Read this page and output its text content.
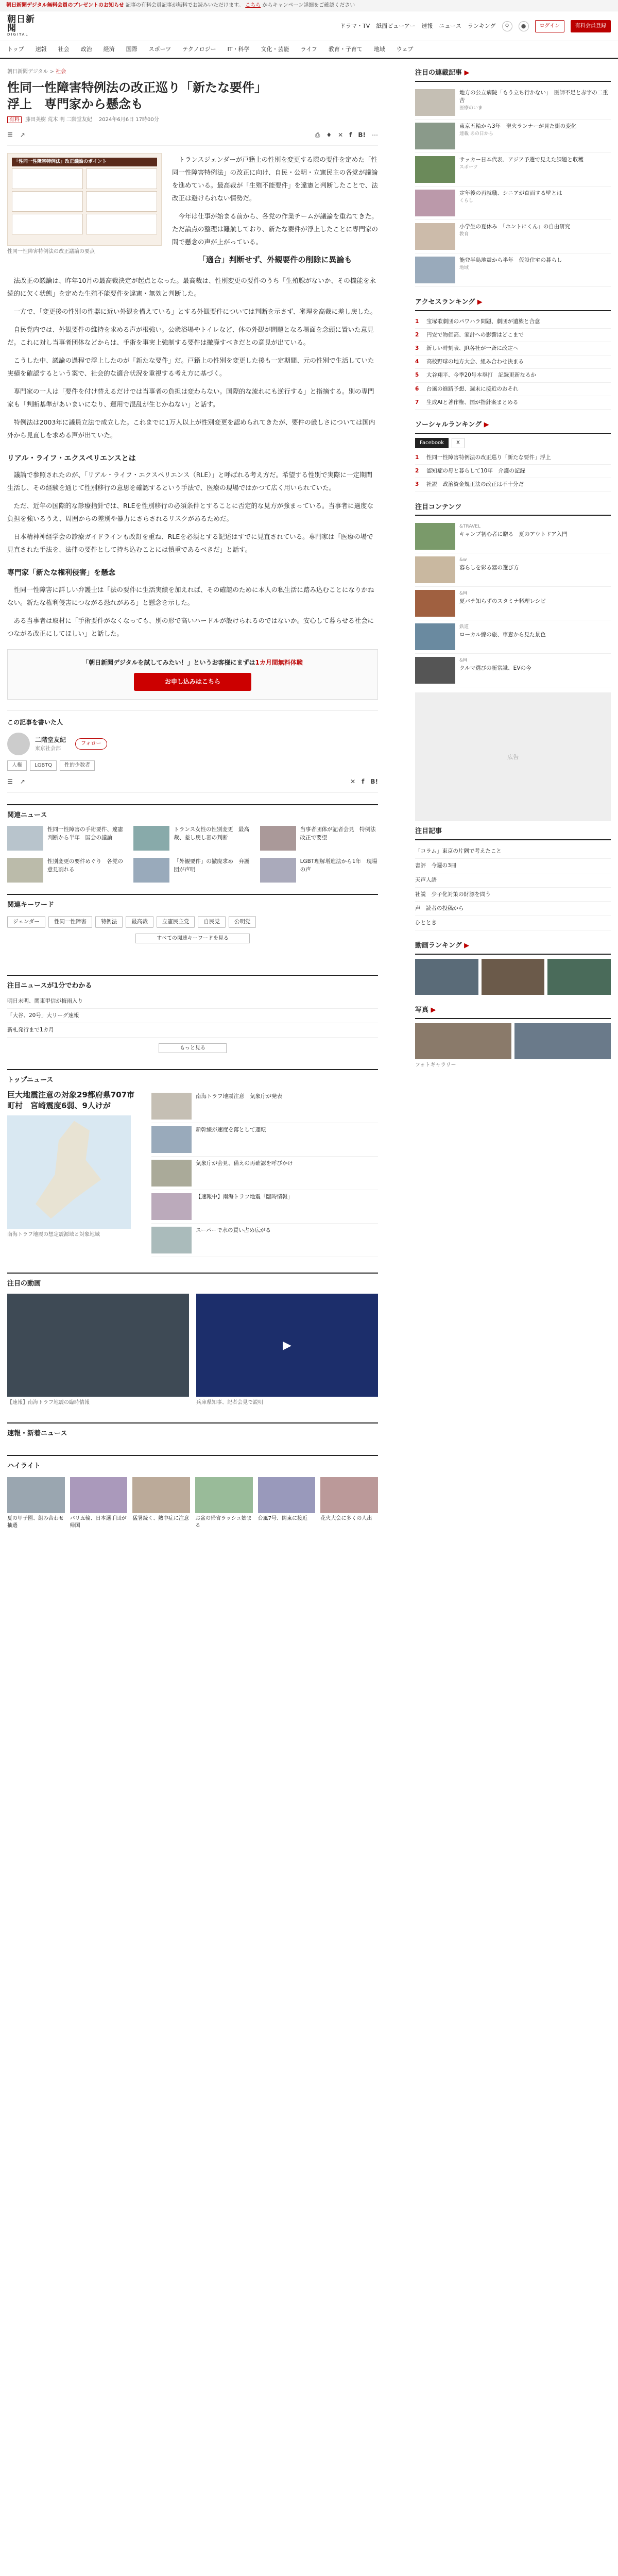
朝日新聞デジタル無料会員のプレゼントのお知らせ 記事の有料会員記事が無料でお読みいただけます。 こちら からキャンペーン詳細をご確認ください
朝日新聞
DIGITAL
ドラマ・TV 紙面ビューアー 速報 ニュース ランキング	⚲	●	ログイン	有料会員登録
トップ	速報	社会	政治	経済	国際	スポーツ	テクノロジー	IT・科学	文化・芸能	ライフ	教育・子育て	地域	ウェブ
朝日新聞デジタル > 社会
性同一性障害特例法の改正巡り「新たな要件」浮上　専門家から懸念も
有料 藤田美樹 荒木 明 二階堂友紀　 2024年6月6日 17時00分
☰ ↗	⎙ ♦ ✕ f B! ⋯
「性同一性障害特例法」改正議論のポイント
性同一性障害特例法の改正議論の要点

トランスジェンダーが戸籍上の性別を変更する際の要件を定めた「性同一性障害特例法」の改正に向け、自民・公明・立憲民主の各党が議論を進めている。最高裁が「生殖不能要件」を違憲と判断したことで、法改正は避けられない情勢だ。

今年は仕事が始まる前から、各党の作業チームが議論を重ねてきた。ただ論点の整理は難航しており、新たな要件が浮上したことに専門家の間で懸念の声が上がっている。

「適合」判断せず、外観要件の削除に異論も

法改正の議論は、昨年10月の最高裁決定が起点となった。最高裁は、性別変更の要件のうち「生殖腺がないか、その機能を永続的に欠く状態」を定めた生殖不能要件を違憲・無効と判断した。

一方で、「変更後の性別の性器に近い外観を備えている」とする外観要件については判断を示さず、審理を高裁に差し戻した。

自民党内では、外観要件の維持を求める声が根強い。公衆浴場やトイレなど、体の外観が問題となる場面を念頭に置いた意見だ。これに対し当事者団体などからは、手術を事実上強制する要件は撤廃すべきだとの意見が出ている。

こうした中、議論の過程で浮上したのが「新たな要件」だ。戸籍上の性別を変更した後も一定期間、元の性別で生活していた実績を確認するという案で、社会的な適合状況を重視する考え方に基づく。

専門家の一人は「要件を付け替えるだけでは当事者の負担は変わらない。国際的な流れにも逆行する」と指摘する。別の専門家も「判断基準があいまいになり、運用で混乱が生じかねない」と話す。

特例法は2003年に議員立法で成立した。これまでに1万人以上が性別変更を認められてきたが、要件の厳しさについては国内外から見直しを求める声が出ていた。

リアル・ライフ・エクスペリエンスとは

議論で参照されたのが、「リアル・ライフ・エクスペリエンス（RLE）」と呼ばれる考え方だ。希望する性別で実際に一定期間生活し、その経験を通じて性別移行の意思を確認するという手法で、医療の現場ではかつて広く用いられていた。

ただ、近年の国際的な診療指針では、RLEを性別移行の必須条件とすることに否定的な見方が強まっている。当事者に過度な負担を強いるうえ、周囲からの差別や暴力にさらされるリスクがあるためだ。

日本精神神経学会の診療ガイドラインも改訂を重ね、RLEを必須とする記述はすでに見直されている。専門家は「医療の場で見直された手法を、法律の要件として持ち込むことには慎重であるべきだ」と話す。

専門家「新たな権利侵害」を懸念

性同一性障害に詳しい弁護士は「法の要件に生活実績を加えれば、その確認のために本人の私生活に踏み込むことになりかねない。新たな権利侵害につながる恐れがある」と懸念を示した。

ある当事者は取材に「手術要件がなくなっても、別の形で高いハードルが設けられるのではないか。安心して暮らせる社会につながる改正にしてほしい」と話した。

「朝日新聞デジタルを試してみたい！」というお客様にまずは1カ月間無料体験
お申し込みはこちら
この記事を書いた人
二階堂友紀
東京社会部
フォロー
人権	LGBTQ	性的少数者
☰ ↗	✕ f B!
関連ニュース
性同一性障害の手術要件、違憲判断から半年　国会の議論
トランス女性の性別変更　最高裁、差し戻し審の判断
当事者団体が記者会見　特例法改正で要望
性別変更の要件めぐり　各党の意見割れる
「外観要件」の撤廃求め　弁護団が声明
LGBT理解増進法から1年　現場の声
関連キーワード
ジェンダー	性同一性障害	特例法	最高裁	立憲民主党	自民党	公明党
すべての関連キーワードを見る
注目ニュースが1分でわかる
明日未明、関東甲信が梅雨入り
「大谷、20号」大リーグ速報
新札発行まで1カ月
もっと見る
トップニュース
巨大地震注意の対象29都府県707市町村　宮崎震度6弱、9人けが
南海トラフ地震の想定震源域と対象地域
南海トラフ地震注意　気象庁が発表
新幹線が速度を落として運転
気象庁が会見、備えの再確認を呼びかけ
【速報中】南海トラフ地震「臨時情報」
スーパーで水の買い占め広がる
注目の動画
【速報】南海トラフ地震の臨時情報
▶
兵庫県知事、記者会見で説明
速報・新着ニュース
ハイライト
夏の甲子園、組み合わせ抽選
パリ五輪、日本選手団が帰国
猛暑続く、熱中症に注意 お盆の帰省ラッシュ始まる
台風7号、関東に接近	花火大会に多くの人出
注目の連載記事 ▶
地方の公立病院「もう立ち行かない」　医師不足と赤字の二重苦
医療のいま
東京五輪から3年　聖火ランナーが見た街の変化
連載 あの日から
サッカー日本代表、アジア予選で見えた課題と収穫
スポーツ
定年後の再就職、シニアが直面する壁とは
くらし
小学生の夏休み　「ホントにくん」の自由研究
教育
能登半島地震から半年　仮設住宅の暮らし
地域
アクセスランキング ▶
1	宝塚歌劇団のパワハラ問題、劇団が遺族と合意
2	円安で物価高、家計への影響はどこまで
3	新しい時刻表、JR各社が一斉に改定へ
4	高校野球の地方大会、組み合わせ決まる
5	大谷翔平、今季20号本塁打　記録更新なるか
6	台風の進路予想、週末に接近のおそれ
7	生成AIと著作権、国が指針案まとめる
ソーシャルランキング ▶
Facebook	X
1	性同一性障害特例法の改正巡り「新たな要件」浮上
2	認知症の母と暮らして10年　介護の記録
3	社説　政治資金規正法の改正は不十分だ
注目コンテンツ
&TRAVEL
キャンプ初心者に贈る　夏のアウトドア入門
&w
暮らしを彩る器の選び方
&M
夏バテ知らずのスタミナ料理レシピ
鉄道
ローカル線の旅、車窓から見た景色
&M
クルマ選びの新常識、EVの今
広告
注目記事
「コラム」東京の片隅で考えたこと
書評　今週の3冊
天声人語
社説　少子化対策の財源を問う
声　読者の投稿から
ひととき
動画ランキング ▶
写真 ▶
フォトギャラリー
